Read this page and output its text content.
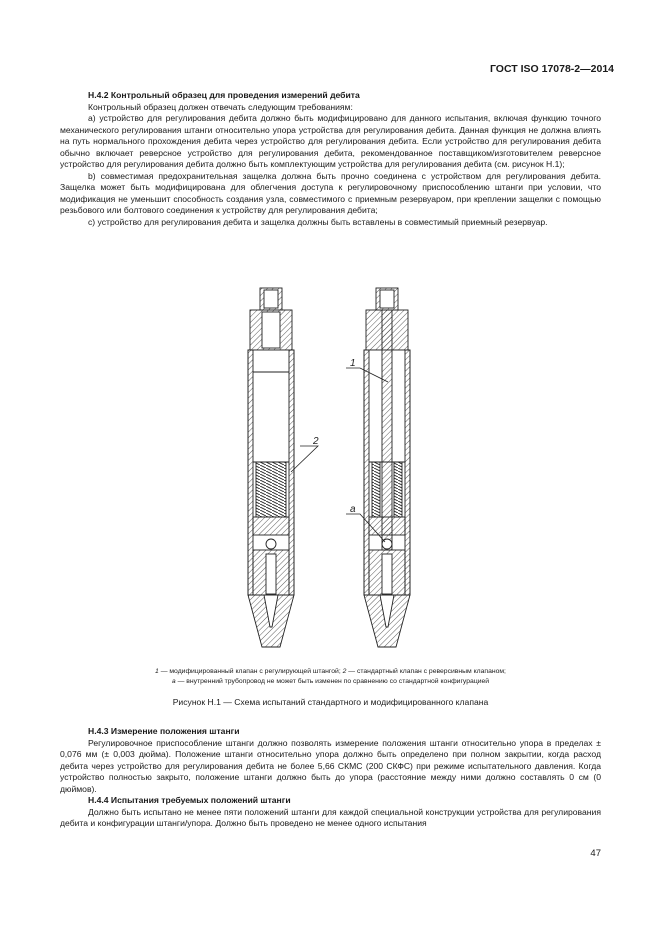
ГОСТ ISO 17078-2—2014
Н.4.2 Контрольный образец для проведения измерений дебита

Контрольный образец должен отвечать следующим требованиям:

а) устройство для регулирования дебита должно быть модифицировано для данного испытания, включая функцию точного механического регулирования штанги относительно упора устройства для регулирования дебита. Данная функция не должна влиять на путь нормального прохождения дебита через устройство для регулирования дебита. Если устройство для регулирования дебита обычно включает реверсное устройство для регулирования дебита, рекомендованное поставщиком/изготовителем реверсное устройство для регулирования дебита должно быть комплектующим устройства для регулирования дебита (см. рисунок Н.1);

b) совместимая предохранительная защелка должна быть прочно соединена с устройством для регулирования дебита. Защелка может быть модифицирована для облегчения доступа к регулировочному приспособлению штанги при условии, что модификация не уменьшит способность создания узла, совместимого с приемным резервуаром, при креплении защелки с помощью резьбового или болтового соединения к устройству для регулирования дебита;

с) устройство для регулирования дебита и защелка должны быть вставлены в совместимый приемный резервуар.

2
1
a
1 — модифицированный клапан с регулирующей штангой; 2 — стандартный клапан с реверсивным клапаном;
a — внутренний трубопровод не может быть изменен по сравнению со стандартной конфигурацией
Рисунок Н.1 — Схема испытаний стандартного и модифицированного клапана
Н.4.3 Измерение положения штанги

Регулировочное приспособление штанги должно позволять измерение положения штанги относительно упора в пределах ± 0,076 мм (± 0,003 дюйма). Положение штанги относительно упора должно быть определено при полном закрытии, когда расход дебита через устройство для регулирования дебита не более 5,66 СКМС (200 СКФС) при режиме испытательного давления. Когда устройство полностью закрыто, положение штанги должно быть до упора (расстояние между ними должно составлять 0 см (0 дюймов).

Н.4.4 Испытания требуемых положений штанги

Должно быть испытано не менее пяти положений штанги для каждой специальной конструкции устройства для регулирования дебита и конфигурации штанги/упора. Должно быть проведено не менее одного испытания

47
